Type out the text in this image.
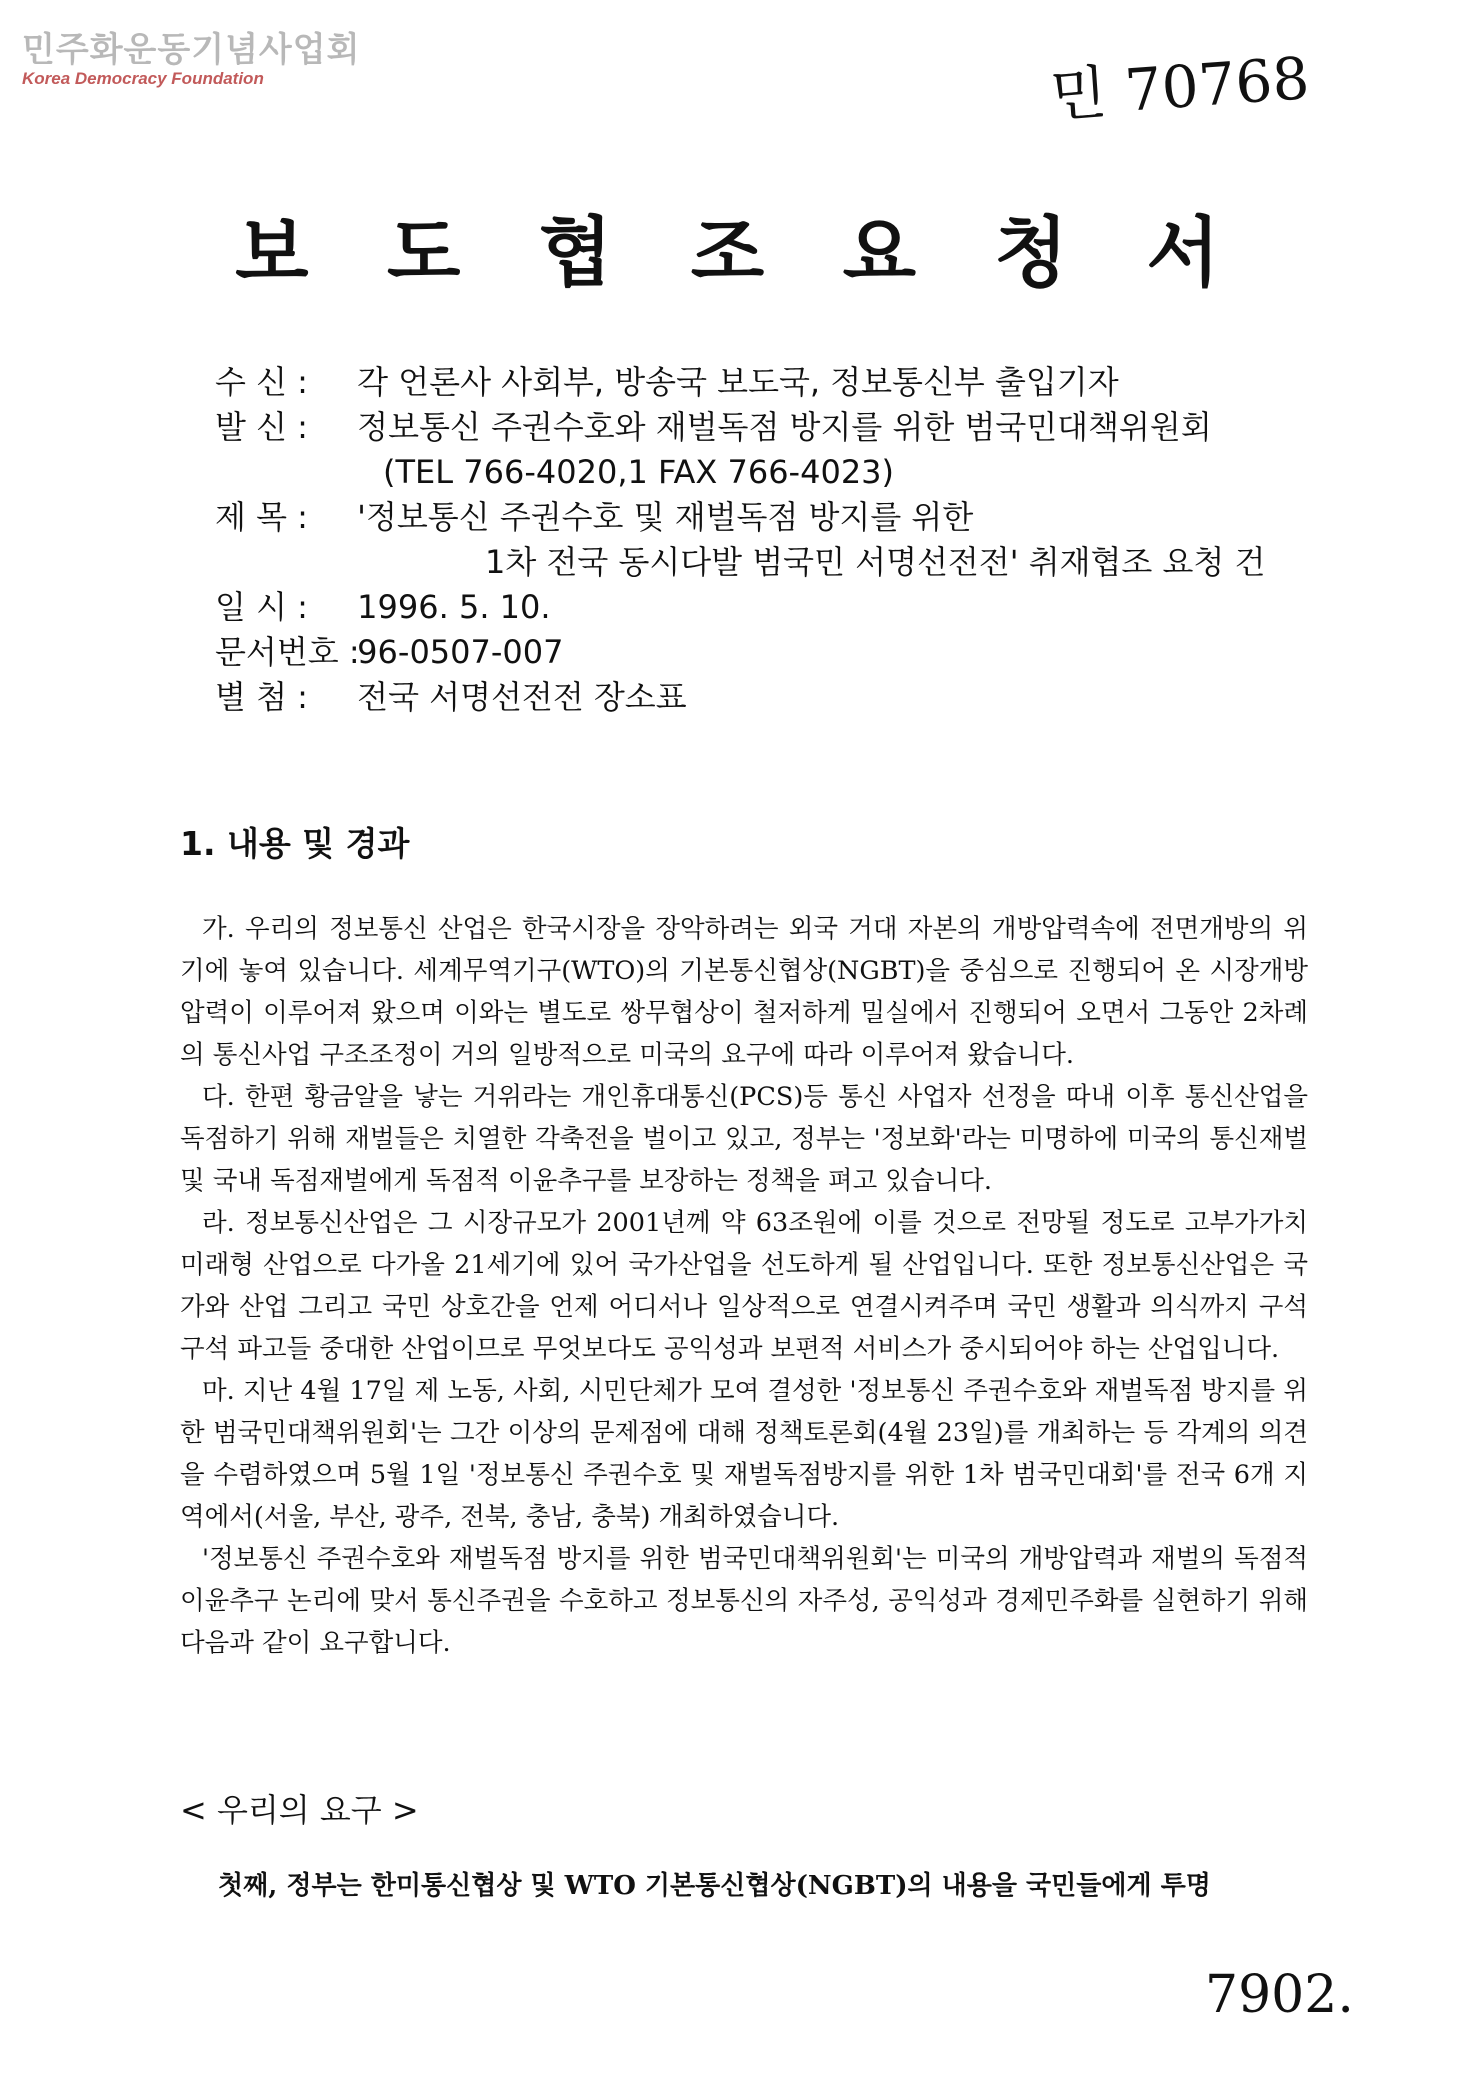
민주화운동기념사업회
Korea Democracy Foundation	민 70768
보 도 협 조 요 청 서
수 신 : 각 언론사 사회부, 방송국 보도국, 정보통신부 출입기자
발 신 : 정보통신 주권수호와 재벌독점 방지를 위한 범국민대책위원회
(TEL 766-4020,1 FAX 766-4023)
제 목 : '정보통신 주권수호 및 재벌독점 방지를 위한
1차 전국 동시다발 범국민 서명선전전' 취재협조 요청 건
일 시 : 1996. 5. 10.
문서번호 : 96-0507-007
별 첨 : 전국 서명선전전 장소표
1. 내용 및 경과

가. 우리의 정보통신 산업은 한국시장을 장악하려는 외국 거대 자본의 개방압력속에 전면개방의 위기에 놓여 있습니다. 세계무역기구(WTO)의 기본통신협상(NGBT)을 중심으로 진행되어 온 시장개방 압력이 이루어져 왔으며 이와는 별도로 쌍무협상이 철저하게 밀실에서 진행되어 오면서 그동안 2차례의 통신사업 구조조정이 거의 일방적으로 미국의 요구에 따라 이루어져 왔습니다.

다. 한편 황금알을 낳는 거위라는 개인휴대통신(PCS)등 통신 사업자 선정을 따내 이후 통신산업을 독점하기 위해 재벌들은 치열한 각축전을 벌이고 있고, 정부는 '정보화'라는 미명하에 미국의 통신재벌 및 국내 독점재벌에게 독점적 이윤추구를 보장하는 정책을 펴고 있습니다.

라. 정보통신산업은 그 시장규모가 2001년께 약 63조원에 이를 것으로 전망될 정도로 고부가가치 미래형 산업으로 다가올 21세기에 있어 국가산업을 선도하게 될 산업입니다. 또한 정보통신산업은 국가와 산업 그리고 국민 상호간을 언제 어디서나 일상적으로 연결시켜주며 국민 생활과 의식까지 구석구석 파고들 중대한 산업이므로 무엇보다도 공익성과 보편적 서비스가 중시되어야 하는 산업입니다.

마. 지난 4월 17일 제 노동, 사회, 시민단체가 모여 결성한 '정보통신 주권수호와 재벌독점 방지를 위한 범국민대책위원회'는 그간 이상의 문제점에 대해 정책토론회(4월 23일)를 개최하는 등 각계의 의견을 수렴하였으며 5월 1일 '정보통신 주권수호 및 재벌독점방지를 위한 1차 범국민대회'를 전국 6개 지역에서(서울, 부산, 광주, 전북, 충남, 충북) 개최하였습니다.

'정보통신 주권수호와 재벌독점 방지를 위한 범국민대책위원회'는 미국의 개방압력과 재벌의 독점적 이윤추구 논리에 맞서 통신주권을 수호하고 정보통신의 자주성, 공익성과 경제민주화를 실현하기 위해 다음과 같이 요구합니다.

< 우리의 요구 >
첫째, 정부는 한미통신협상 및 WTO 기본통신협상(NGBT)의 내용을 국민들에게 투명
7902.
